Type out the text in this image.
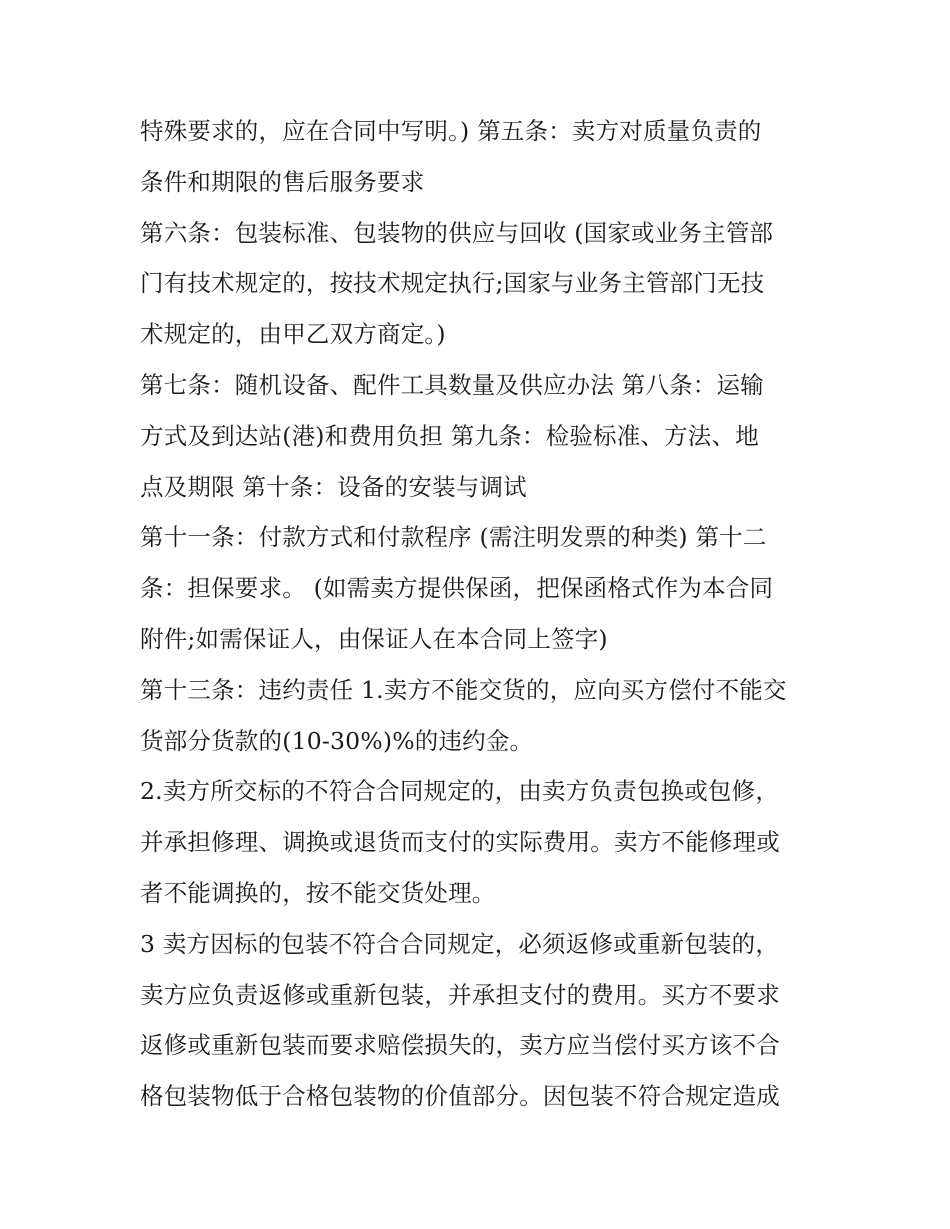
特殊要求的，应在合同中写明。) 第五条：卖方对质量负责的
条件和期限的售后服务要求
第六条：包装标准、包装物的供应与回收 (国家或业务主管部
门有技术规定的，按技术规定执行;国家与业务主管部门无技
术规定的，由甲乙双方商定。)
第七条：随机设备、配件工具数量及供应办法 第八条：运输
方式及到达站(港)和费用负担 第九条：检验标准、方法、地
点及期限 第十条：设备的安装与调试
第十一条：付款方式和付款程序 (需注明发票的种类) 第十二
条：担保要求。 (如需卖方提供保函，把保函格式作为本合同
附件;如需保证人，由保证人在本合同上签字)
第十三条：违约责任 1.卖方不能交货的，应向买方偿付不能交
货部分货款的(10-30%)%的违约金。
2.卖方所交标的不符合合同规定的，由卖方负责包换或包修，
并承担修理、调换或退货而支付的实际费用。卖方不能修理或
者不能调换的，按不能交货处理。
3 卖方因标的包装不符合合同规定，必须返修或重新包装的，
卖方应负责返修或重新包装，并承担支付的费用。买方不要求
返修或重新包装而要求赔偿损失的，卖方应当偿付买方该不合
格包装物低于合格包装物的价值部分。因包装不符合规定造成
